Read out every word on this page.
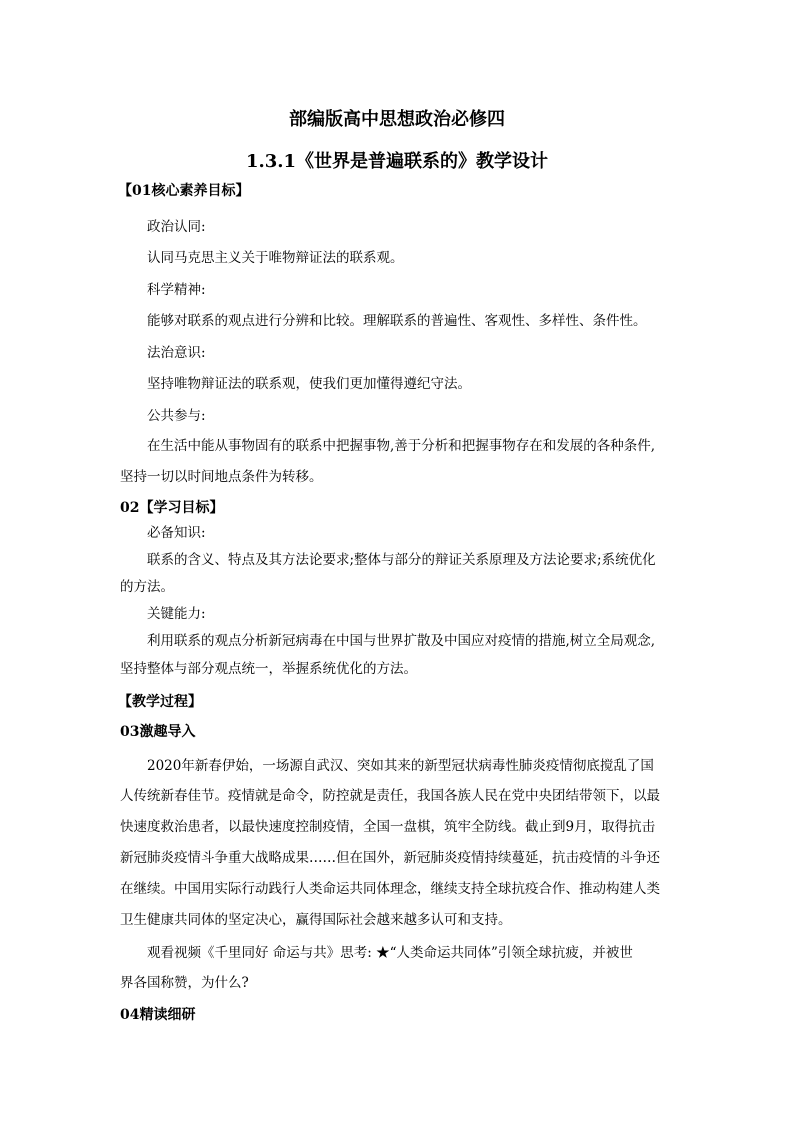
部编版高中思想政治必修四
1.3.1《世界是普遍联系的》教学设计
【01核心素养目标】
政治认同:
认同马克思主义关于唯物辩证法的联系观。
科学精神:
能够对联系的观点进行分辨和比较。理解联系的普遍性、客观性、多样性、条件性。
法治意识:
坚持唯物辩证法的联系观，使我们更加懂得遵纪守法。
公共参与:
在生活中能从事物固有的联系中把握事物,善于分析和把握事物存在和发展的各种条件,
坚持一切以时间地点条件为转移。
02【学习目标】
必备知识:
联系的含义、特点及其方法论要求;整体与部分的辩证关系原理及方法论要求;系统优化
的方法。
关键能力:
利用联系的观点分析新冠病毒在中国与世界扩散及中国应对疫情的措施,树立全局观念,
坚持整体与部分观点统一，举握系统优化的方法。
【教学过程】
03激趣导入
2020年新春伊始，一场源自武汉、突如其来的新型冠状病毒性肺炎疫情彻底搅乱了国
人传统新春佳节。疫情就是命令，防控就是责任，我国各族人民在党中央团结带领下，以最
快速度救治患者，以最快速度控制疫情，全国一盘棋，筑牢全防线。截止到9月，取得抗击
新冠肺炎疫情斗争重大战略成果……但在国外，新冠肺炎疫情持续蔓延，抗击疫情的斗争还
在继续。中国用实际行动践行人类命运共同体理念，继续支持全球抗疫合作、推动构建人类
卫生健康共同体的坚定决心，赢得国际社会越来越多认可和支持。
观看视频《千里同好 命运与共》思考: ★“人类命运共同体”引领全球抗疲，并被世
界各国称赞，为什么?
04精读细研
